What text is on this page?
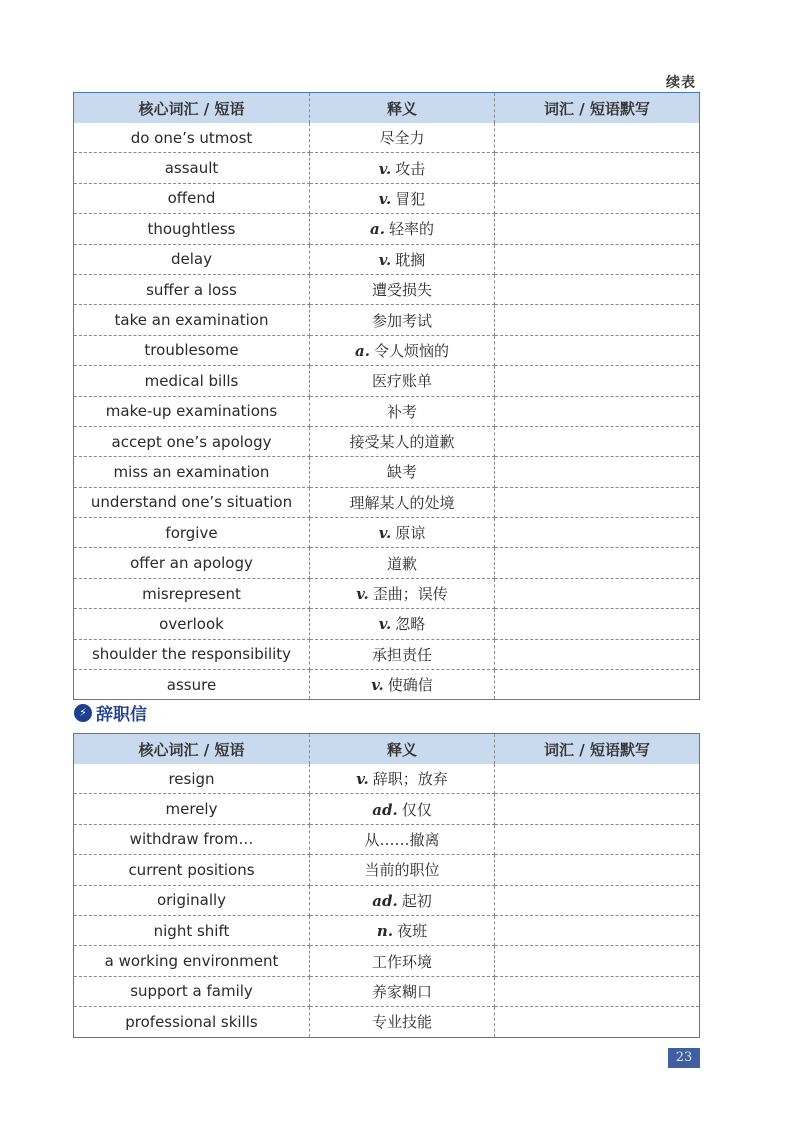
续表
核心词汇 / 短语	释义	词汇 / 短语默写
do one’s utmost	尽全力	
assault	v. 攻击	
offend	v. 冒犯	
thoughtless	a. 轻率的	
delay	v. 耽搁	
suffer a loss	遭受损失	
take an examination	参加考试	
troublesome	a. 令人烦恼的	
medical bills	医疗账单	
make-up examinations	补考	
accept one’s apology	接受某人的道歉	
miss an examination	缺考	
understand one’s situation	理解某人的处境	
forgive	v. 原谅	
offer an apology	道歉	
misrepresent	v. 歪曲；误传	
overlook	v. 忽略	
shoulder the responsibility	承担责任	
assure	v. 使确信	
⚡ 辞职信
核心词汇 / 短语	释义	词汇 / 短语默写
resign	v. 辞职；放弃	
merely	ad. 仅仅	
withdraw from…	从……撤离	
current positions	当前的职位	
originally	ad. 起初	
night shift	n. 夜班	
a working environment	工作环境	
support a family	养家糊口	
professional skills	专业技能	
23
